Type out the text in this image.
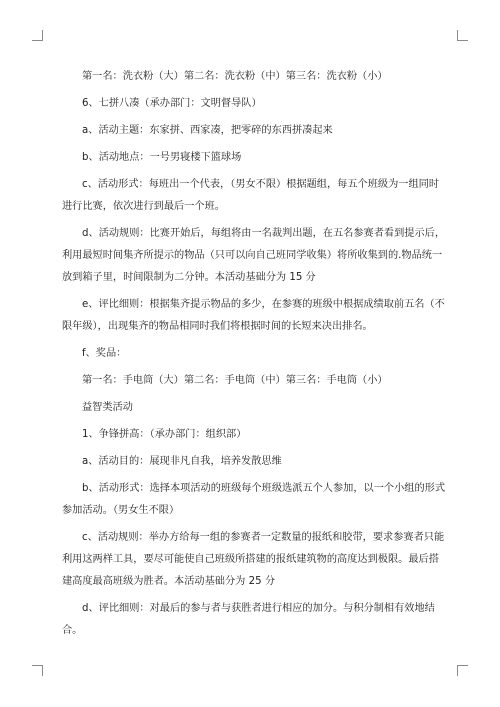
第一名：洗衣粉（大）第二名：洗衣粉（中）第三名：洗衣粉（小）

6、七拼八凑（承办部门：文明督导队）

a、活动主题：东家拼、西家凑，把零碎的东西拼凑起来

b、活动地点：一号男寝楼下篮球场

c、活动形式：每班出一个代表，（男女不限）根据题组，每五个班级为一组同时进行比赛，依次进行到最后一个班。

d、活动规则：比赛开始后，每组将由一名裁判出题，在五名参赛者看到提示后，利用最短时间集齐所提示的物品（只可以向自己班同学收集）将所收集到的.物品统一放到箱子里，时间限制为二分钟。本活动基础分为 15 分

e、评比细则：根据集齐提示物品的多少，在参赛的班级中根据成绩取前五名（不限年级），出现集齐的物品相同时我们将根据时间的长短来决出排名。

f、奖品：

第一名：手电筒（大）第二名：手电筒（中）第三名：手电筒（小）

益智类活动

1、争锋拼高：（承办部门：组织部）

a、活动目的：展现非凡自我，培养发散思维

b、活动形式：选择本项活动的班级每个班级选派五个人参加，以一个小组的形式参加活动。（男女生不限）

c、活动规则：举办方给每一组的参赛者一定数量的报纸和胶带，要求参赛者只能利用这两样工具，要尽可能使自己班级所搭建的报纸建筑物的高度达到极限。最后搭建高度最高班级为胜者。本活动基础分为 25 分

d、评比细则：对最后的参与者与获胜者进行相应的加分。与积分制相有效地结合。
